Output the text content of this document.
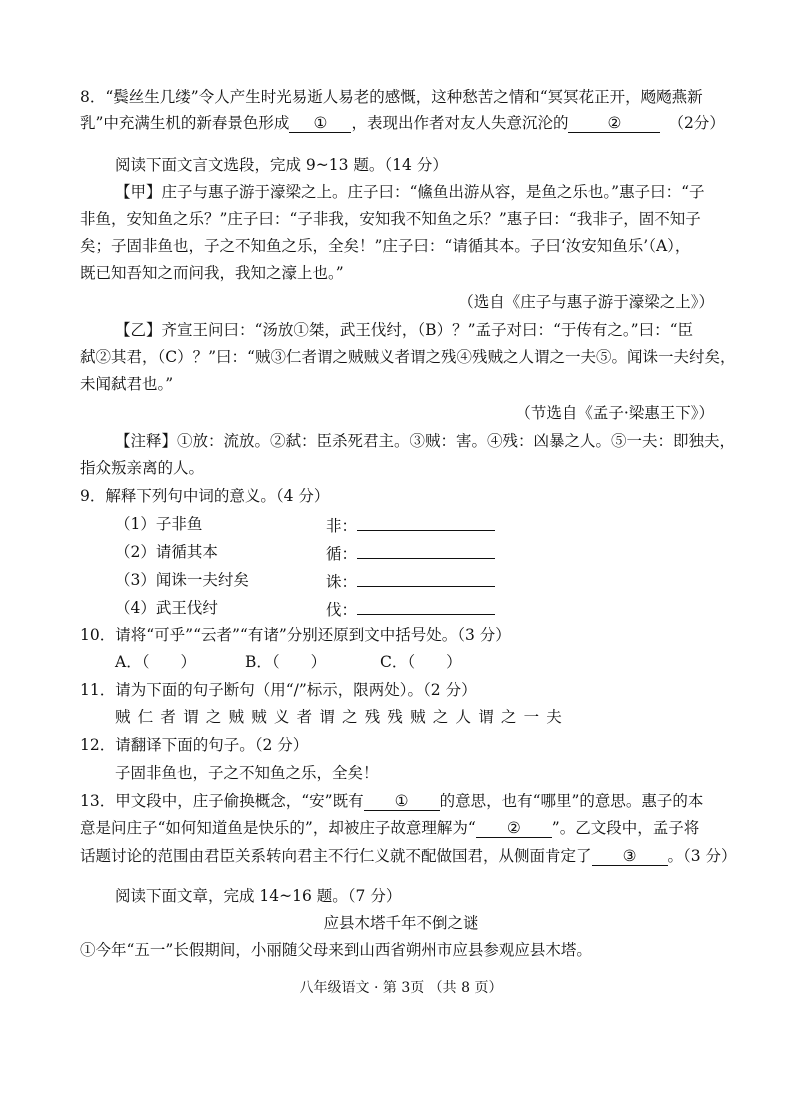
8．“鬓丝生几缕”令人产生时光易逝人易老的感慨，这种愁苦之情和“冥冥花正开，飏飏燕新
乳”中充满生机的新春景色形成 ① ，表现出作者对友人失意沉沦的	②	（2分）
阅读下面文言文选段，完成 9~13 题。（14 分）
【甲】庄子与惠子游于濠梁之上。庄子曰：“鯈鱼出游从容，是鱼之乐也。”惠子曰：“子
非鱼，安知鱼之乐？”庄子曰：“子非我，安知我不知鱼之乐？”惠子曰：“我非子，固不知子
矣；子固非鱼也，子之不知鱼之乐，全矣！”庄子曰：“请循其本。子曰‘汝安知鱼乐’（A），
既已知吾知之而问我，我知之濠上也。”
（选自《庄子与惠子游于濠梁之上》）
【乙】齐宣王问曰：“汤放①桀，武王伐纣，（B）？”孟子对曰：“于传有之。”曰：“臣
弑②其君，（C）？”曰：“贼③仁者谓之贼贼义者谓之残④残贼之人谓之一夫⑤。闻诛一夫纣矣，
未闻弑君也。”
（节选自《孟子·梁惠王下》）
【注释】①放：流放。②弑：臣杀死君主。③贼：害。④残：凶暴之人。⑤一夫：即独夫，
指众叛亲离的人。
9．解释下列句中词的意义。（4 分）
（1）子非鱼	非：
（2）请循其本	循：
（3）闻诛一夫纣矣	诛：
（4）武王伐纣	伐：
10．请将“可乎”“云者”“有诸”分别还原到文中括号处。（3 分）
A．（　　）	B．（　　）	C．（　　）
11．请为下面的句子断句（用“/”标示，限两处）。（2 分）
贼仁者谓之贼贼义者谓之残残贼之人谓之一夫
12．请翻译下面的句子。（2 分）
子固非鱼也，子之不知鱼之乐，全矣！
13．甲文段中，庄子偷换概念，“安”既有 ① 的意思，也有“哪里”的意思。惠子的本
意是问庄子“如何知道鱼是快乐的”，却被庄子故意理解为“ ② ”。乙文段中，孟子将
话题讨论的范围由君臣关系转向君主不行仁义就不配做国君，从侧面肯定了 ③ 。（3 分）
阅读下面文章，完成 14~16 题。（7 分）
应县木塔千年不倒之谜
①今年“五一”长假期间，小丽随父母来到山西省朔州市应县参观应县木塔。
八年级语文 · 第 3页 （共 8 页）
